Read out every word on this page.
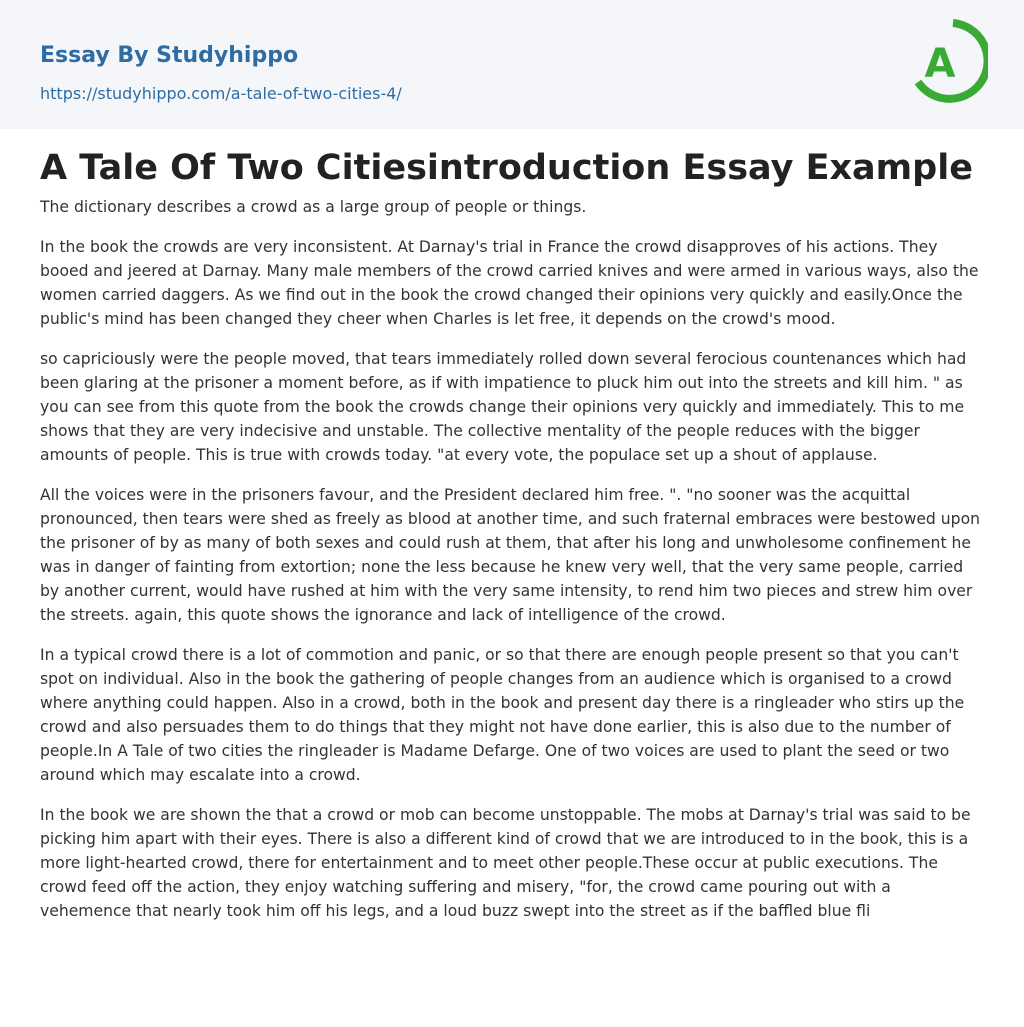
Essay By Studyhippo
https://studyhippo.com/a-tale-of-two-cities-4/
A
A Tale Of Two Citiesintroduction Essay Example

The dictionary describes a crowd as a large group of people or things.

In the book the crowds are very inconsistent. At Darnay's trial in France the crowd disapproves of his actions. They booed and jeered at Darnay. Many male members of the crowd carried knives and were armed in various ways, also the women carried daggers. As we find out in the book the crowd changed their opinions very quickly and easily.Once the public's mind has been changed they cheer when Charles is let free, it depends on the crowd's mood.

so capriciously were the people moved, that tears immediately rolled down several ferocious countenances which had been glaring at the prisoner a moment before, as if with impatience to pluck him out into the streets and kill him. " as you can see from this quote from the book the crowds change their opinions very quickly and immediately. This to me shows that they are very indecisive and unstable. The collective mentality of the people reduces with the bigger amounts of people. This is true with crowds today. "at every vote, the populace set up a shout of applause.

All the voices were in the prisoners favour, and the President declared him free. ". "no sooner was the acquittal pronounced, then tears were shed as freely as blood at another time, and such fraternal embraces were bestowed upon the prisoner of by as many of both sexes and could rush at them, that after his long and unwholesome confinement he was in danger of fainting from extortion; none the less because he knew very well, that the very same people, carried by another current, would have rushed at him with the very same intensity, to rend him two pieces and strew him over the streets. again, this quote shows the ignorance and lack of intelligence of the crowd.

In a typical crowd there is a lot of commotion and panic, or so that there are enough people present so that you can't spot on individual. Also in the book the gathering of people changes from an audience which is organised to a crowd where anything could happen. Also in a crowd, both in the book and present day there is a ringleader who stirs up the crowd and also persuades them to do things that they might not have done earlier, this is also due to the number of people.In A Tale of two cities the ringleader is Madame Defarge. One of two voices are used to plant the seed or two around which may escalate into a crowd.

In the book we are shown the that a crowd or mob can become unstoppable. The mobs at Darnay's trial was said to be picking him apart with their eyes. There is also a different kind of crowd that we are introduced to in the book, this is a more light-hearted crowd, there for entertainment and to meet other people.These occur at public executions. The crowd feed off the action, they enjoy watching suffering and misery, "for, the crowd came pouring out with a vehemence that nearly took him off his legs, and a loud buzz swept into the street as if the baffled blue fli
